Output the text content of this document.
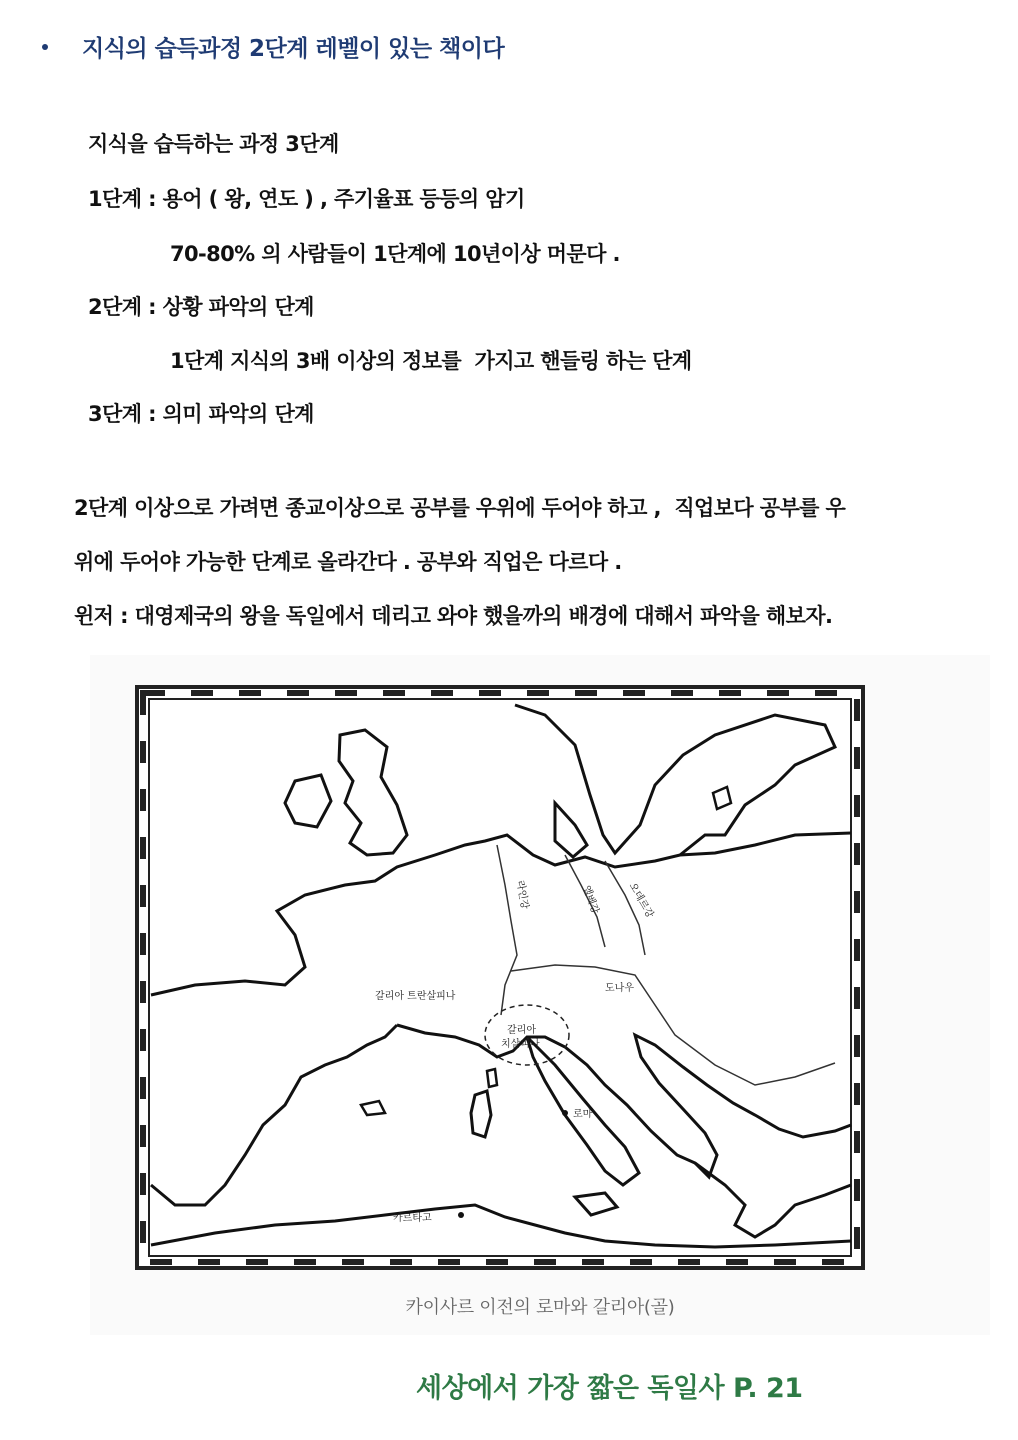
지식의 습득과정 2단계 레벨이 있는 책이다
지식을 습득하는 과정 3단계
1단계 : 용어 ( 왕, 연도 ) , 주기율표 등등의 암기
70-80% 의 사람들이 1단계에 10년이상 머문다 .
2단계 : 상황 파악의 단계
1단계 지식의 3배 이상의 정보를  가지고 핸들링 하는 단계
3단계 : 의미 파악의 단계
2단계 이상으로 가려면 종교이상으로 공부를 우위에 두어야 하고 ,  직업보다 공부를 우
위에 두어야 가능한 단계로 올라간다 . 공부와 직업은 다르다 .
윈저 : 대영제국의 왕을 독일에서 데리고 와야 했을까의 배경에 대해서 파악을 해보자.
라인강	엘베강	오데르강
도나우
갈리아 트란살피나
갈리아
치살피나
로마
카르타고
카이사르 이전의 로마와 갈리아(골)
세상에서 가장 짧은 독일사 P. 21
